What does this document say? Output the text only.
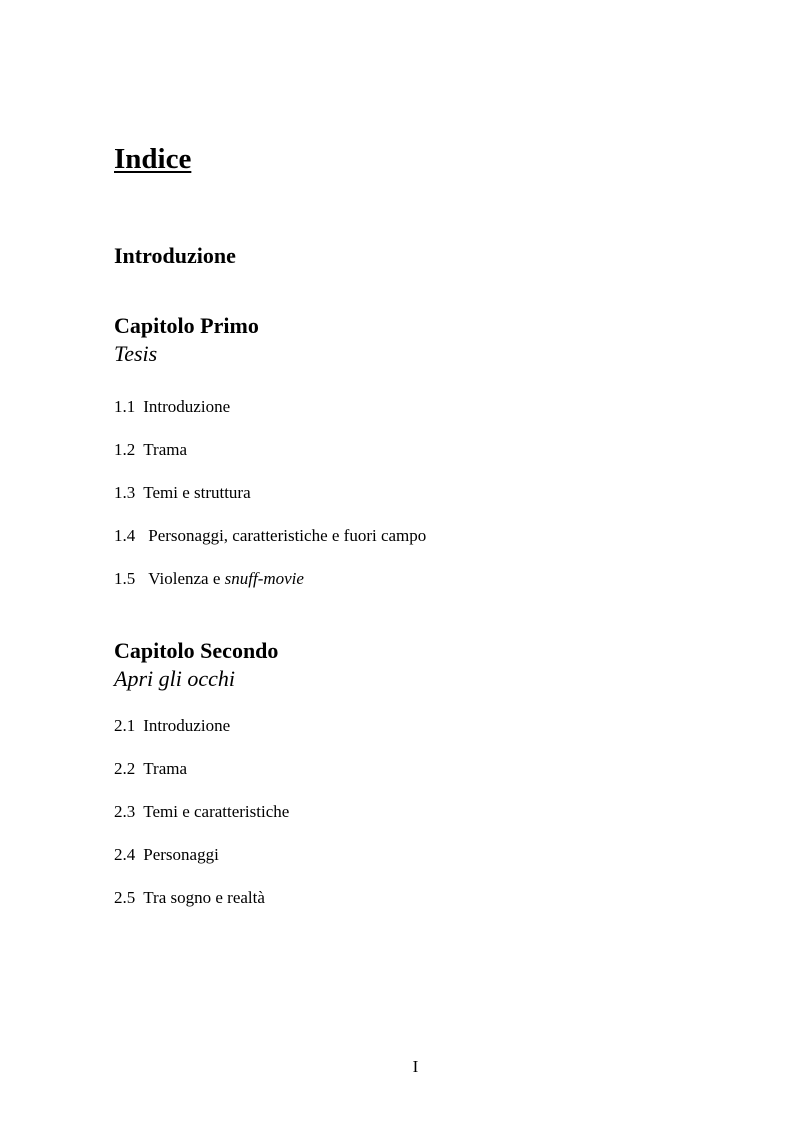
Indice
Introduzione
Capitolo Primo
Tesis
1.1 Introduzione
1.2 Trama
1.3 Temi e struttura
1.4 Personaggi, caratteristiche e fuori campo
1.5 Violenza e snuff-movie
Capitolo Secondo
Apri gli occhi
2.1 Introduzione
2.2 Trama
2.3 Temi e caratteristiche
2.4 Personaggi
2.5 Tra sogno e realtà
I
